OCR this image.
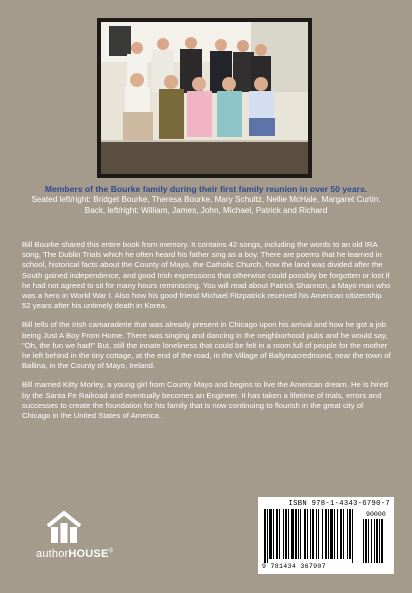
Members of the Bourke family during their first family reunion in over 50 years.
Seated left/right: Bridget Bourke, Theresa Bourke, Mary Schultz, Nellie McHale, Margaret Curtin.
Back, left/right: William, James, John, Michael, Patrick and Richard

Bill Bourke shared this entire book from memory. It contains 42 songs, including the words to an old IRA song, The Dublin Trials which he often heard his father sing as a boy. There are poems that he learned in school, historical facts about the County of Mayo, the Catholic Church, how the land was divided after the South gained independence, and good Irish expressions that otherwise could possibly be forgotten or lost if he had not agreed to sit for many hours reminiscing. You will read about Patrick Shannon, a Mayo man who was a hero in World War I. Also how his good friend Michael Fitzpatrick received his American citizenship 52 years after his untimely death in Korea.

Bill tells of the Irish camaraderie that was already present in Chicago upon his arrival and how he got a job being Just A Boy From Home. There was singing and dancing in the neighborhood pubs and he would say, "Oh, the fun we had!" But, still the innate loneliness that could be felt in a room full of people for the mother he left behind in the tiny cottage, at the end of the road, in the Village of Ballymacredmond, near the town of Ballina, in the County of Mayo, Ireland.

Bill married Kitty Morley, a young girl from County Mayo and begins to live the American dream. He is hired by the Santa Fe Railroad and eventually becomes an Engineer. It has taken a lifetime of trials, errors and successes to create the foundation for his family that is now continuing to flourish in the great city of Chicago in the United States of America.

authorHOUSE®
ISBN 978-1-4343-6790-7
90000
9 781434 367907
